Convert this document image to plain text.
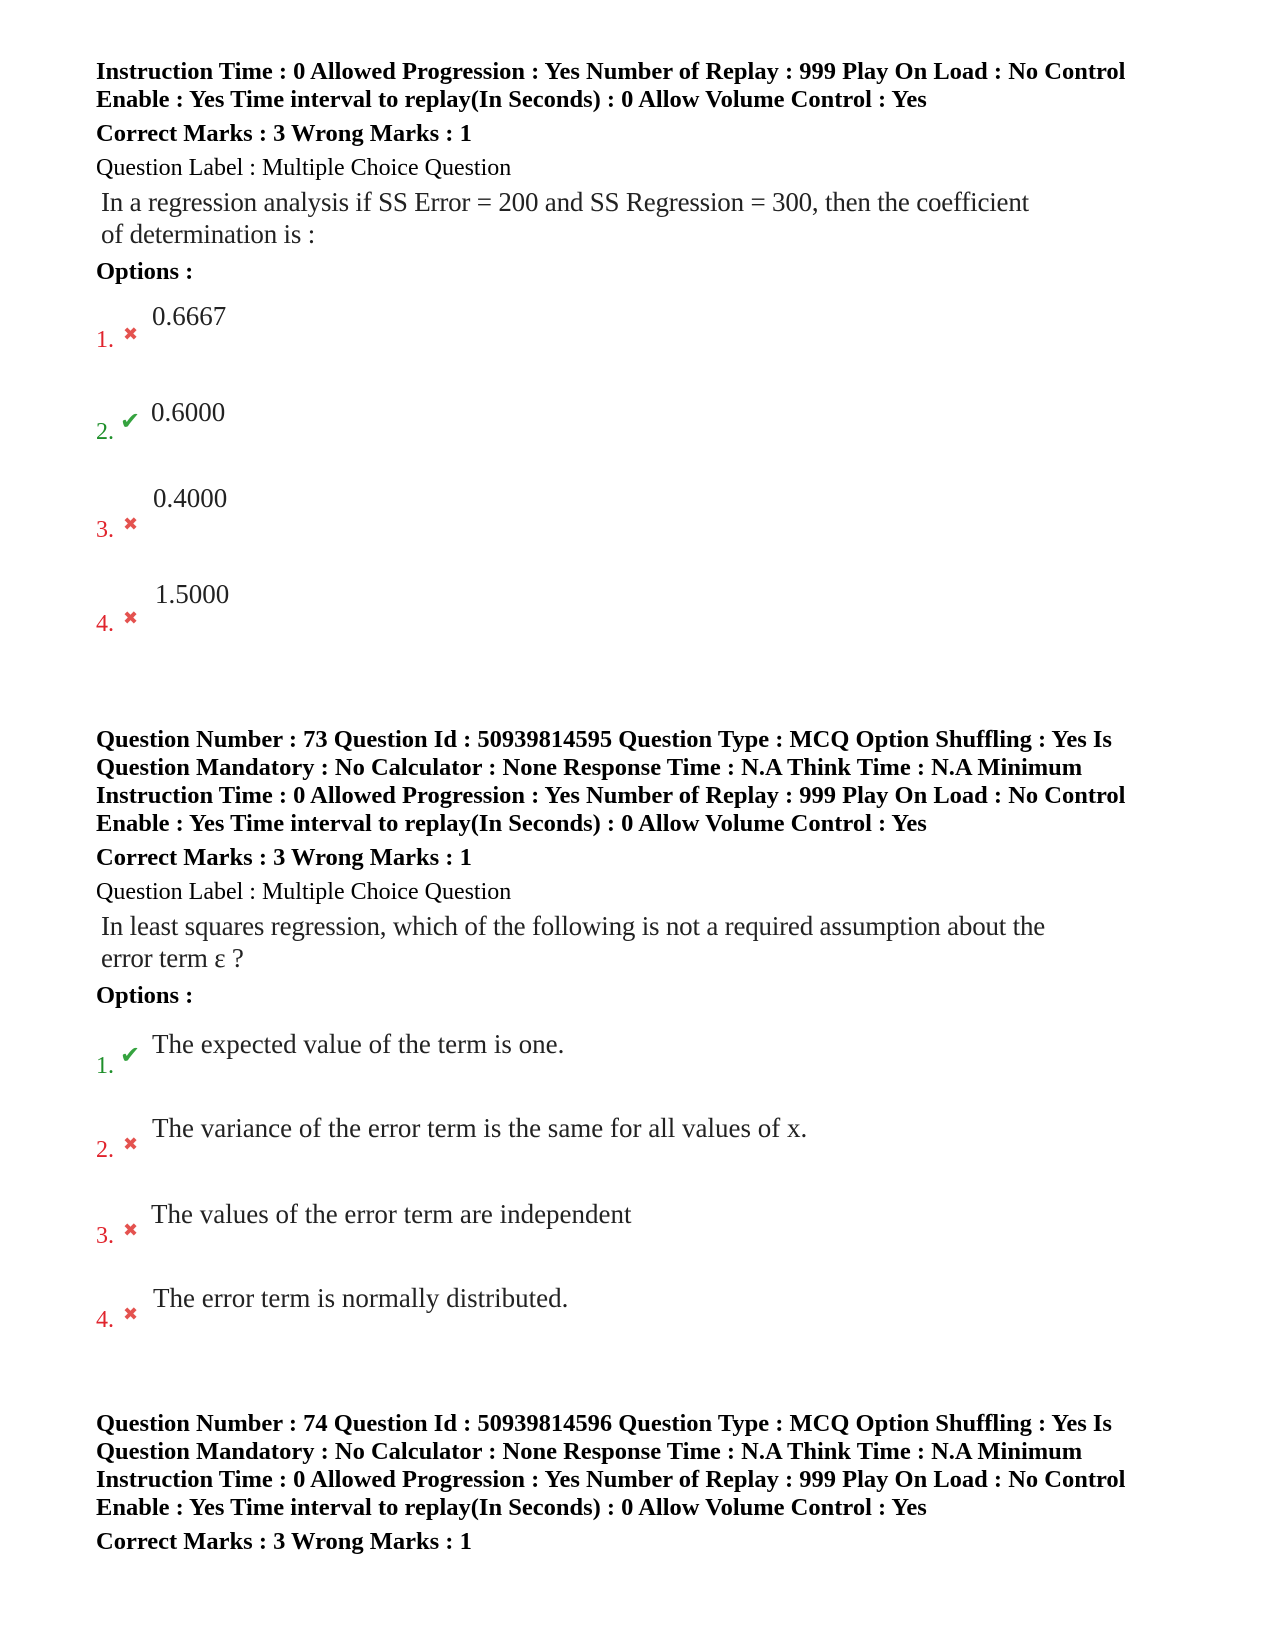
Instruction Time : 0 Allowed Progression : Yes Number of Replay : 999 Play On Load : No Control
Enable : Yes Time interval to replay(In Seconds) : 0 Allow Volume Control : Yes
Correct Marks : 3 Wrong Marks : 1
Question Label : Multiple Choice Question
In a regression analysis if SS Error = 200 and SS Regression = 300, then the coefficient
of determination is :
Options :
1. ✖
0.6667
2. ✔ 0.6000
3. ✖
0.4000
4. ✖
1.5000
Question Number : 73 Question Id : 50939814595 Question Type : MCQ Option Shuffling : Yes Is
Question Mandatory : No Calculator : None Response Time : N.A Think Time : N.A Minimum
Instruction Time : 0 Allowed Progression : Yes Number of Replay : 999 Play On Load : No Control
Enable : Yes Time interval to replay(In Seconds) : 0 Allow Volume Control : Yes
Correct Marks : 3 Wrong Marks : 1
Question Label : Multiple Choice Question
In least squares regression, which of the following is not a required assumption about the
error term ε ?
Options :
1. ✔ The expected value of the term is one.
2. ✖
The variance of the error term is the same for all values of x.
3. ✖
The values of the error term are independent
4. ✖
The error term is normally distributed.
Question Number : 74 Question Id : 50939814596 Question Type : MCQ Option Shuffling : Yes Is
Question Mandatory : No Calculator : None Response Time : N.A Think Time : N.A Minimum
Instruction Time : 0 Allowed Progression : Yes Number of Replay : 999 Play On Load : No Control
Enable : Yes Time interval to replay(In Seconds) : 0 Allow Volume Control : Yes
Correct Marks : 3 Wrong Marks : 1
